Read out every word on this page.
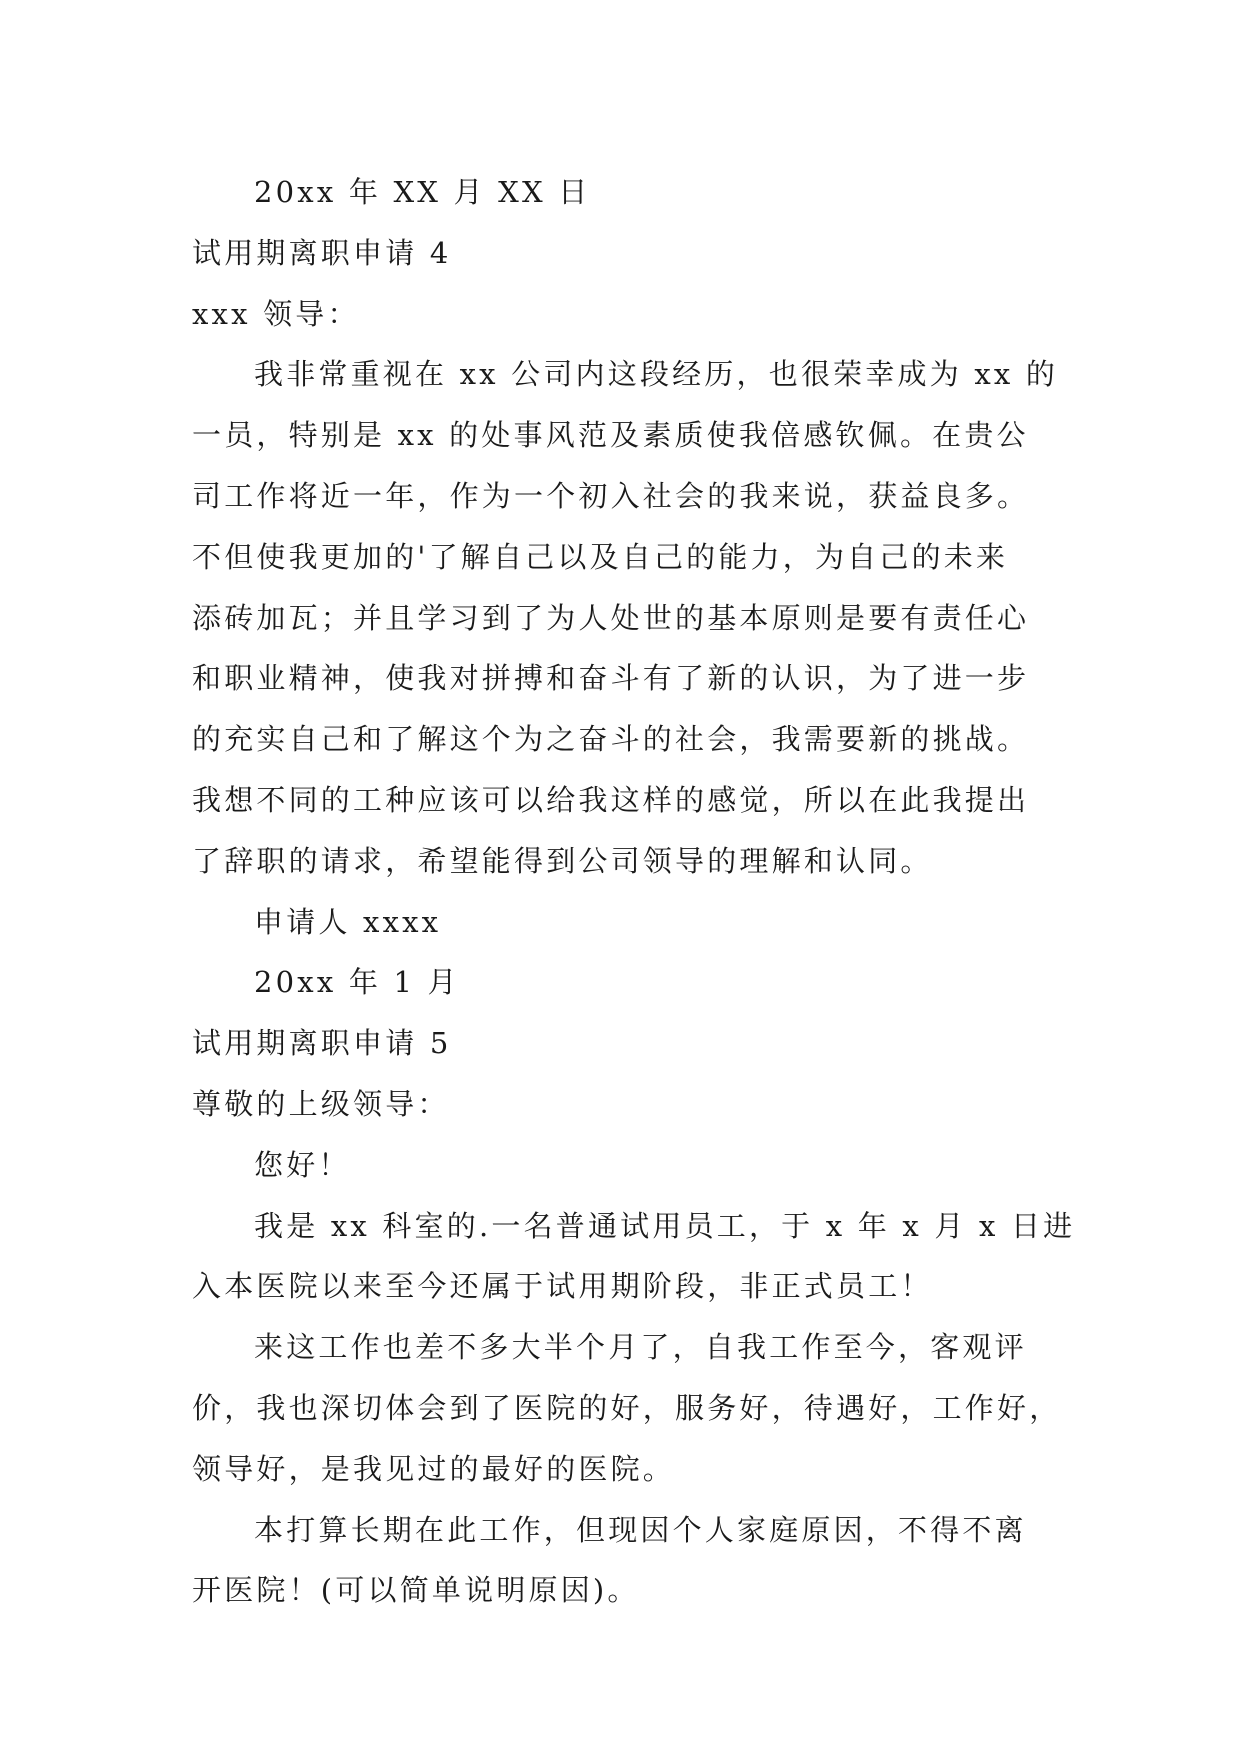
20xx 年 XX 月 XX 日
试用期离职申请 4
xxx 领导：
我非常重视在 xx 公司内这段经历，也很荣幸成为 xx 的
一员，特别是 xx 的处事风范及素质使我倍感钦佩。在贵公
司工作将近一年，作为一个初入社会的我来说，获益良多。
不但使我更加的'了解自己以及自己的能力，为自己的未来
添砖加瓦；并且学习到了为人处世的基本原则是要有责任心
和职业精神，使我对拼搏和奋斗有了新的认识，为了进一步
的充实自己和了解这个为之奋斗的社会，我需要新的挑战。
我想不同的工种应该可以给我这样的感觉，所以在此我提出
了辞职的请求，希望能得到公司领导的理解和认同。
申请人 xxxx
20xx 年 1 月
试用期离职申请 5
尊敬的上级领导：
您好！
我是 xx 科室的.一名普通试用员工，于 x 年 x 月 x 日进
入本医院以来至今还属于试用期阶段，非正式员工！
来这工作也差不多大半个月了，自我工作至今，客观评
价，我也深切体会到了医院的好，服务好，待遇好，工作好，
领导好，是我见过的最好的医院。
本打算长期在此工作，但现因个人家庭原因，不得不离
开医院！(可以简单说明原因)。
